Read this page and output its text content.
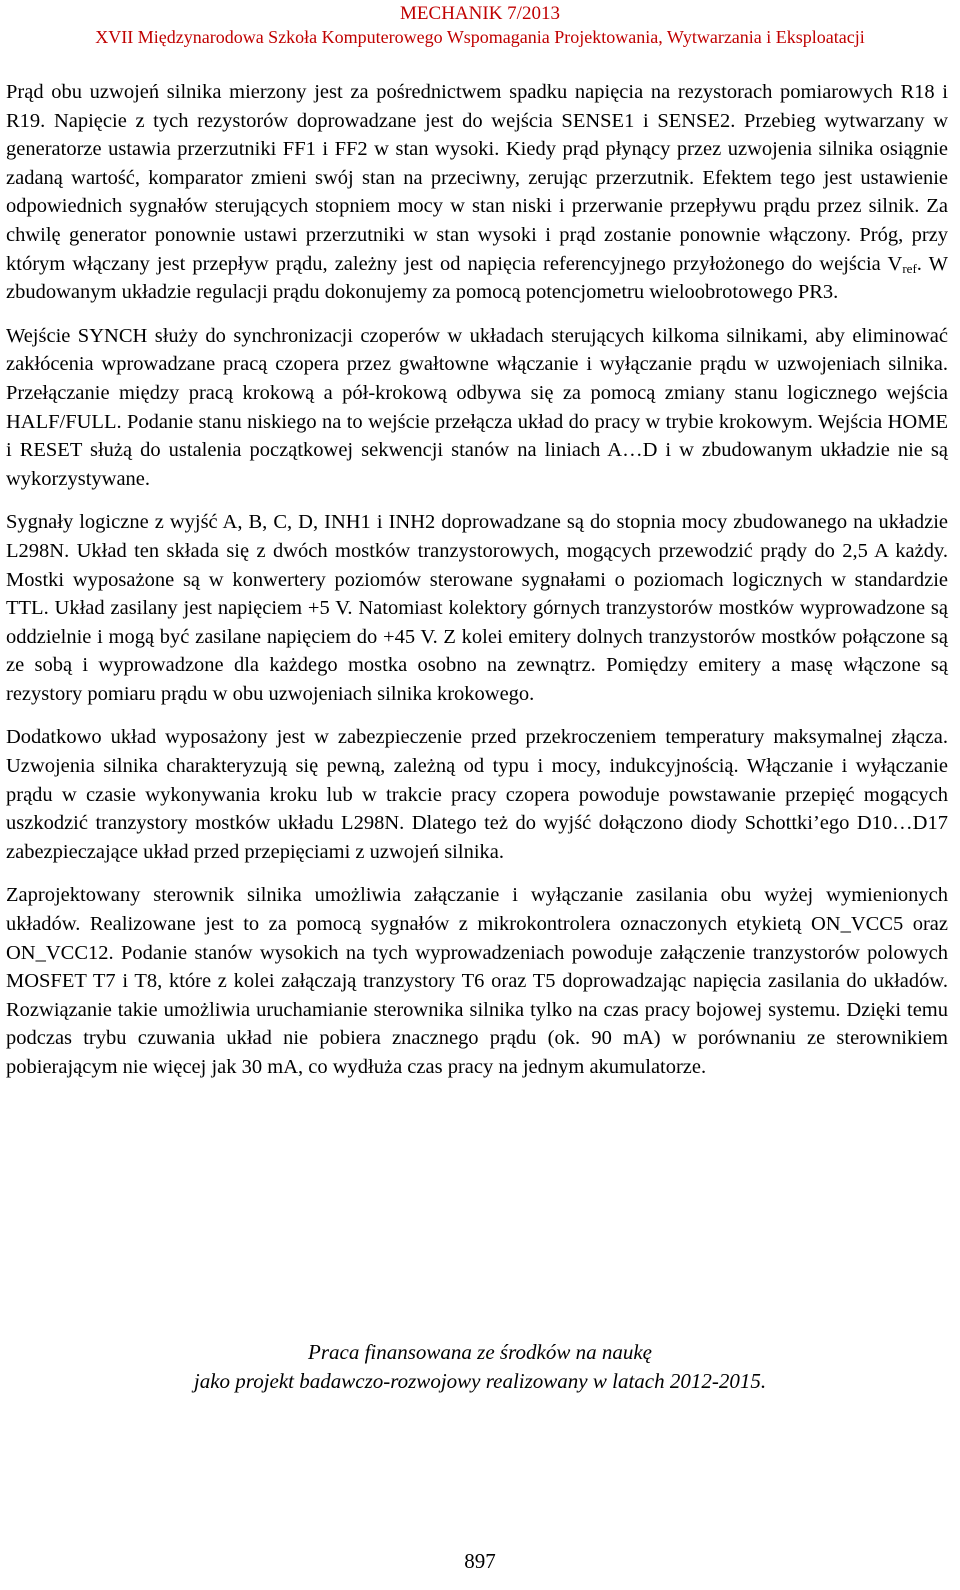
MECHANIK 7/2013
XVII Międzynarodowa Szkoła Komputerowego Wspomagania Projektowania, Wytwarzania i Eksploatacji

Prąd obu uzwojeń silnika mierzony jest za pośrednictwem spadku napięcia na rezystorach pomiarowych R18 i R19. Napięcie z tych rezystorów doprowadzane jest do wejścia SENSE1 i SENSE2. Przebieg wytwarzany w generatorze ustawia przerzutniki FF1 i FF2 w stan wysoki. Kiedy prąd płynący przez uzwojenia silnika osiągnie zadaną wartość, komparator zmieni swój stan na przeciwny, zerując przerzutnik. Efektem tego jest ustawienie odpowiednich sygnałów sterujących stopniem mocy w stan niski i przerwanie przepływu prądu przez silnik. Za chwilę generator ponownie ustawi przerzutniki w stan wysoki i prąd zostanie ponownie włączony. Próg, przy którym włączany jest przepływ prądu, zależny jest od napięcia referencyjnego przyłożonego do wejścia $V_{ref}$. W zbudowanym układzie regulacji prądu dokonujemy za pomocą potencjometru wieloobrotowego PR3.

Wejście SYNCH służy do synchronizacji czoperów w układach sterujących kilkoma silnikami, aby eliminować zakłócenia wprowadzane pracą czopera przez gwałtowne włączanie i wyłączanie prądu w uzwojeniach silnika. Przełączanie między pracą krokową a pół-krokową odbywa się za pomocą zmiany stanu logicznego wejścia HALF/FULL. Podanie stanu niskiego na to wejście przełącza układ do pracy w trybie krokowym. Wejścia HOME i RESET służą do ustalenia początkowej sekwencji stanów na liniach A…D i w zbudowanym układzie nie są wykorzystywane.

Sygnały logiczne z wyjść A, B, C, D, INH1 i INH2 doprowadzane są do stopnia mocy zbudowanego na układzie L298N. Układ ten składa się z dwóch mostków tranzystorowych, mogących przewodzić prądy do 2,5 A każdy. Mostki wyposażone są w konwertery poziomów sterowane sygnałami o poziomach logicznych w standardzie TTL. Układ zasilany jest napięciem +5 V. Natomiast kolektory górnych tranzystorów mostków wyprowadzone są oddzielnie i mogą być zasilane napięciem do +45 V. Z kolei emitery dolnych tranzystorów mostków połączone są ze sobą i wyprowadzone dla każdego mostka osobno na zewnątrz. Pomiędzy emitery a masę włączone są rezystory pomiaru prądu w obu uzwojeniach silnika krokowego.

Dodatkowo układ wyposażony jest w zabezpieczenie przed przekroczeniem temperatury maksymalnej złącza. Uzwojenia silnika charakteryzują się pewną, zależną od typu i mocy, indukcyjnością. Włączanie i wyłączanie prądu w czasie wykonywania kroku lub w trakcie pracy czopera powoduje powstawanie przepięć mogących uszkodzić tranzystory mostków układu L298N. Dlatego też do wyjść dołączono diody Schottki’ego D10…D17 zabezpieczające układ przed przepięciami z uzwojeń silnika.

Zaprojektowany sterownik silnika umożliwia załączanie i wyłączanie zasilania obu wyżej wymienionych układów. Realizowane jest to za pomocą sygnałów z mikrokontrolera oznaczonych etykietą ON_VCC5 oraz ON_VCC12. Podanie stanów wysokich na tych wyprowadzeniach powoduje załączenie tranzystorów polowych MOSFET T7 i T8, które z kolei załączają tranzystory T6 oraz T5 doprowadzając napięcia zasilania do układów. Rozwiązanie takie umożliwia uruchamianie sterownika silnika tylko na czas pracy bojowej systemu. Dzięki temu podczas trybu czuwania układ nie pobiera znacznego prądu (ok. 90 mA) w porównaniu ze sterownikiem pobierającym nie więcej jak 30 mA, co wydłuża czas pracy na jednym akumulatorze.

Praca finansowana ze środków na naukę
jako projekt badawczo-rozwojowy realizowany w latach 2012-2015.
897
